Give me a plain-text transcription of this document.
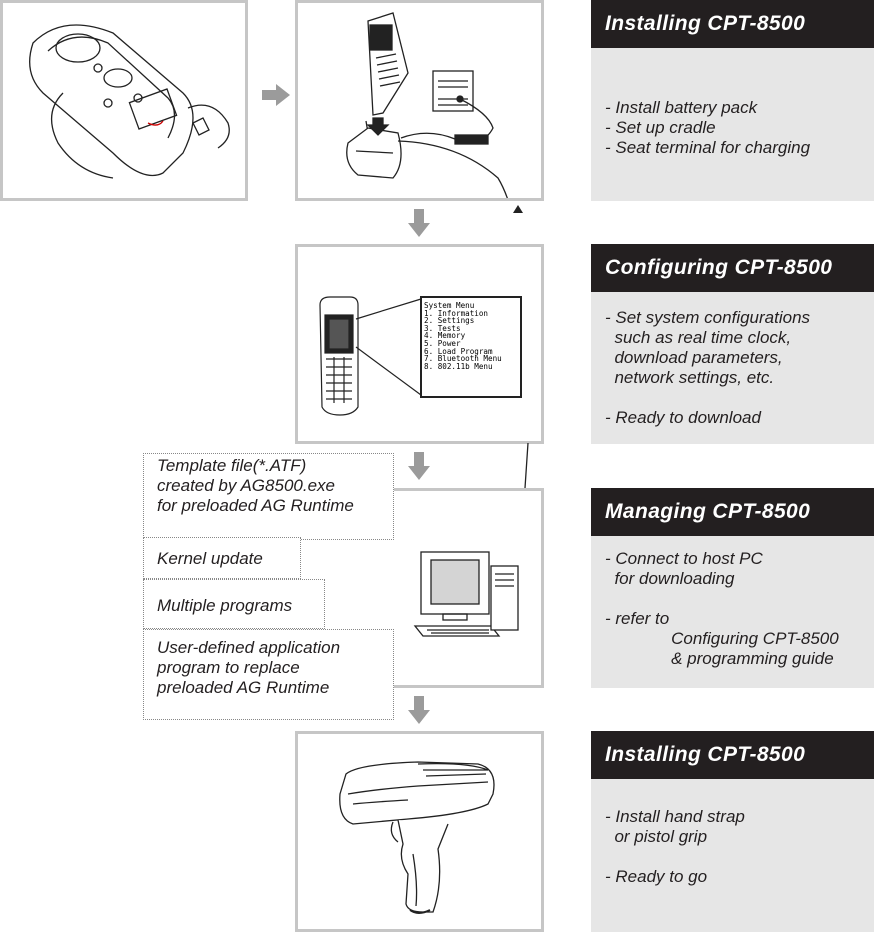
System Menu
1. Information
2. Settings
3. Tests
4. Memory
5. Power
6. Load Program
7. Bluetooth Menu
8. 802.11b Menu
Template file(*.ATF)
created by AG8500.exe
for preloaded AG Runtime
Kernel update
Multiple programs
User-defined application
program to replace
preloaded AG Runtime
Installing CPT-8500
- Install battery pack
- Set up cradle
- Seat terminal for charging
Configuring CPT-8500
- Set system configurations
such as real time clock,
download parameters,
network settings, etc.
- Ready to download
Managing CPT-8500
- Connect to host PC
for downloading
- refer to
Configuring CPT-8500
& programming guide
Installing CPT-8500
- Install hand strap
or pistol grip
- Ready to go
